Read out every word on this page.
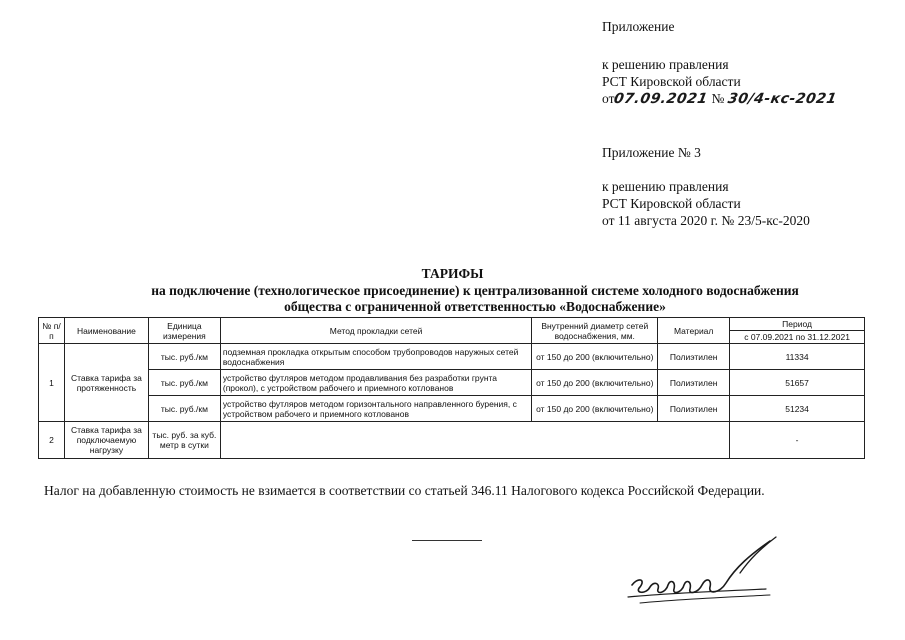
Приложение
к решению правления
РСТ Кировской области
от07.09.2021 № 30/4-кс-2021
Приложение № 3
к решению правления
РСТ Кировской области
от 11 августа 2020 г. № 23/5-кс-2020
ТАРИФЫ
на подключение (технологическое присоединение) к централизованной системе холодного водоснабжения
общества с ограниченной ответственностью «Водоснабжение»
№ п/п	Наименование	Единица измерения	Метод прокладки сетей	Внутренний диаметр сетей водоснабжения, мм.	Материал	Период
						с 07.09.2021 по 31.12.2021
1	Ставка тарифа за протяженность	тыс. руб./км	подземная прокладка открытым способом трубопроводов наружных сетей водоснабжения	от 150 до 200 (включительно)	Полиэтилен	11334
		тыс. руб./км	устройство футляров методом продавливания без разработки грунта (прокол), с устройством рабочего и приемного котлованов	от 150 до 200 (включительно)	Полиэтилен	51657
		тыс. руб./км	устройство футляров методом горизонтального направленного бурения, с устройством рабочего и приемного котлованов	от 150 до 200 (включительно)	Полиэтилен	51234
2	Ставка тарифа за подключаемую нагрузку	тыс. руб. за куб. метр в сутки				-
Налог на добавленную стоимость не взимается в соответствии со статьей 346.11 Налогового кодекса Российской Федерации.
